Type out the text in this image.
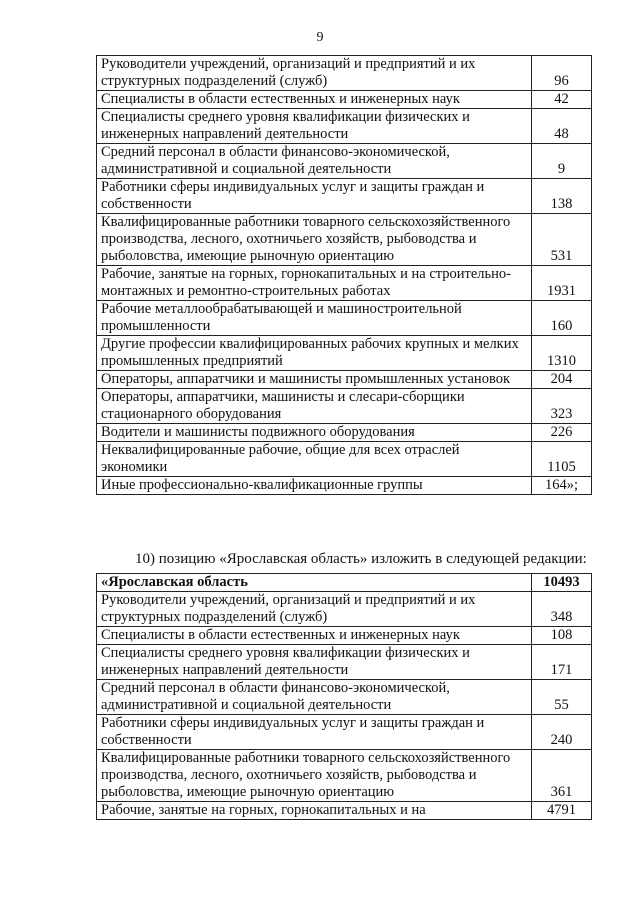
9
Руководители учреждений, организаций и предприятий и их структурных подразделений (служб)	96
Специалисты в области естественных и инженерных наук	42
Специалисты среднего уровня квалификации физических и инженерных направлений деятельности	48
Средний персонал в области финансово-экономической, административной и социальной деятельности	9
Работники сферы индивидуальных услуг и защиты граждан и собственности	138
Квалифицированные работники товарного сельскохозяйственного производства, лесного, охотничьего хозяйств, рыбоводства и рыболовства, имеющие рыночную ориентацию	531
Рабочие, занятые на горных, горнокапитальных и на строительно-монтажных и ремонтно-строительных работах	1931
Рабочие металлообрабатывающей и машиностроительной промышленности	160
Другие профессии квалифицированных рабочих крупных и мелких промышленных предприятий	1310
Операторы, аппаратчики и машинисты промышленных установок	204
Операторы, аппаратчики, машинисты и слесари-сборщики стационарного оборудования	323
Водители и машинисты подвижного оборудования	226
Неквалифицированные рабочие, общие для всех отраслей экономики	1105
Иные профессионально-квалификационные группы	164»;
10) позицию «Ярославская область» изложить в следующей редакции:
«Ярославская область	10493
Руководители учреждений, организаций и предприятий и их структурных подразделений (служб)	348
Специалисты в области естественных и инженерных наук	108
Специалисты среднего уровня квалификации физических и инженерных направлений деятельности	171
Средний персонал в области финансово-экономической, административной и социальной деятельности	55
Работники сферы индивидуальных услуг и защиты граждан и собственности	240
Квалифицированные работники товарного сельскохозяйственного производства, лесного, охотничьего хозяйств, рыбоводства и рыболовства, имеющие рыночную ориентацию	361
Рабочие, занятые на горных, горнокапитальных и на	4791
